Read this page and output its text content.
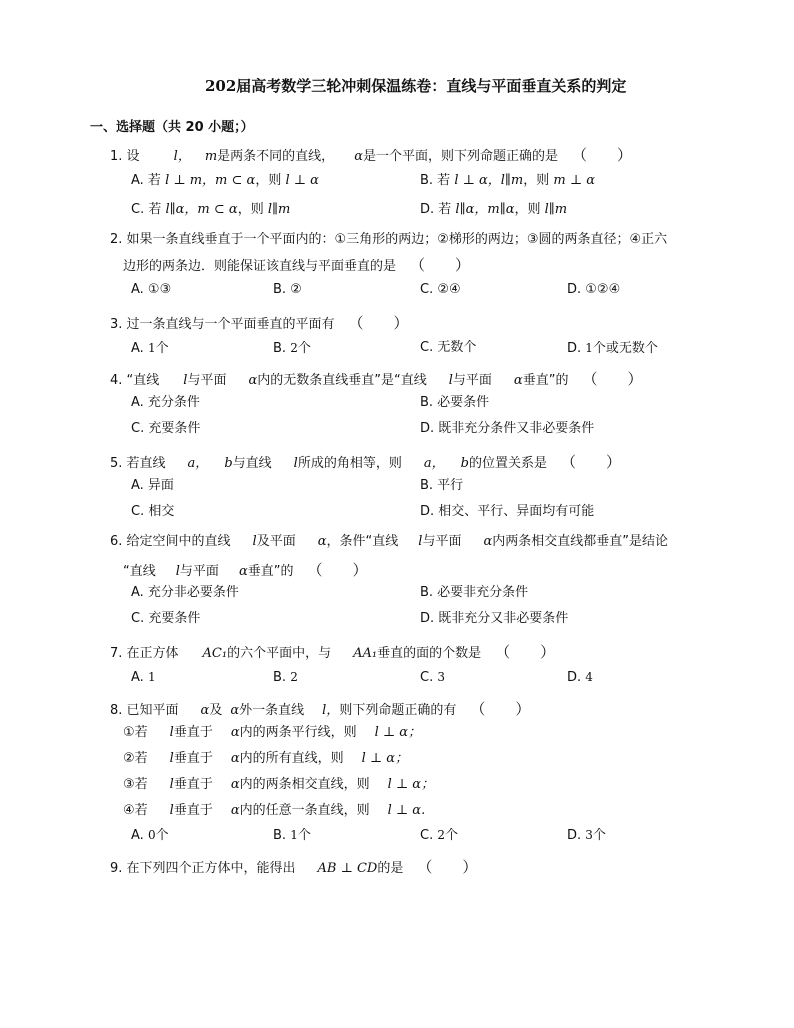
202届高考数学三轮冲刺保温练卷：直线与平面垂直关系的判定
一、选择题（共 20 小题；）
1. 设 l， m是两条不同的直线， α是一个平面，则下列命题正确的是 （　　）
A. 若 l ⊥ m，m ⊂ α，则 l ⊥ α	B. 若 l ⊥ α，l∥m，则 m ⊥ α
C. 若 l∥α，m ⊂ α，则 l∥m	D. 若 l∥α，m∥α，则 l∥m
2. 如果一条直线垂直于一个平面内的：①三角形的两边；②梯形的两边；③圆的两条直径；④正六
边形的两条边．则能保证该直线与平面垂直的是 （　　）
A. ①③	B. ②	C. ②④	D. ①②④
3. 过一条直线与一个平面垂直的平面有 （　　）
A. 1个	B. 2个	C. 无数个	D. 1个或无数个
4. “直线 l与平面 α内的无数条直线垂直”是“直线 l与平面 α垂直”的 （　　）
A. 充分条件	B. 必要条件
C. 充要条件	D. 既非充分条件又非必要条件
5. 若直线 a， b与直线 l所成的角相等，则 a， b的位置关系是 （　　）
A. 异面	B. 平行
C. 相交	D. 相交、平行、异面均有可能
6. 给定空间中的直线 l及平面 α，条件“直线 l与平面 α内两条相交直线都垂直”是结论
“直线 l与平面 α垂直”的 （　　）
A. 充分非必要条件	B. 必要非充分条件
C. 充要条件	D. 既非充分又非必要条件
7. 在正方体 AC₁的六个平面中，与 AA₁垂直的面的个数是 （　　）
A. 1	B. 2	C. 3	D. 4
8. 已知平面 α及 α外一条直线 l，则下列命题正确的有 （　　）
①若 l垂直于 α内的两条平行线，则 l ⊥ α；
②若 l垂直于 α内的所有直线，则 l ⊥ α；
③若 l垂直于 α内的两条相交直线，则 l ⊥ α；
④若 l垂直于 α内的任意一条直线，则 l ⊥ α.
A. 0个	B. 1个	C. 2个	D. 3个
9. 在下列四个正方体中，能得出 AB ⊥ CD的是 （　　）
